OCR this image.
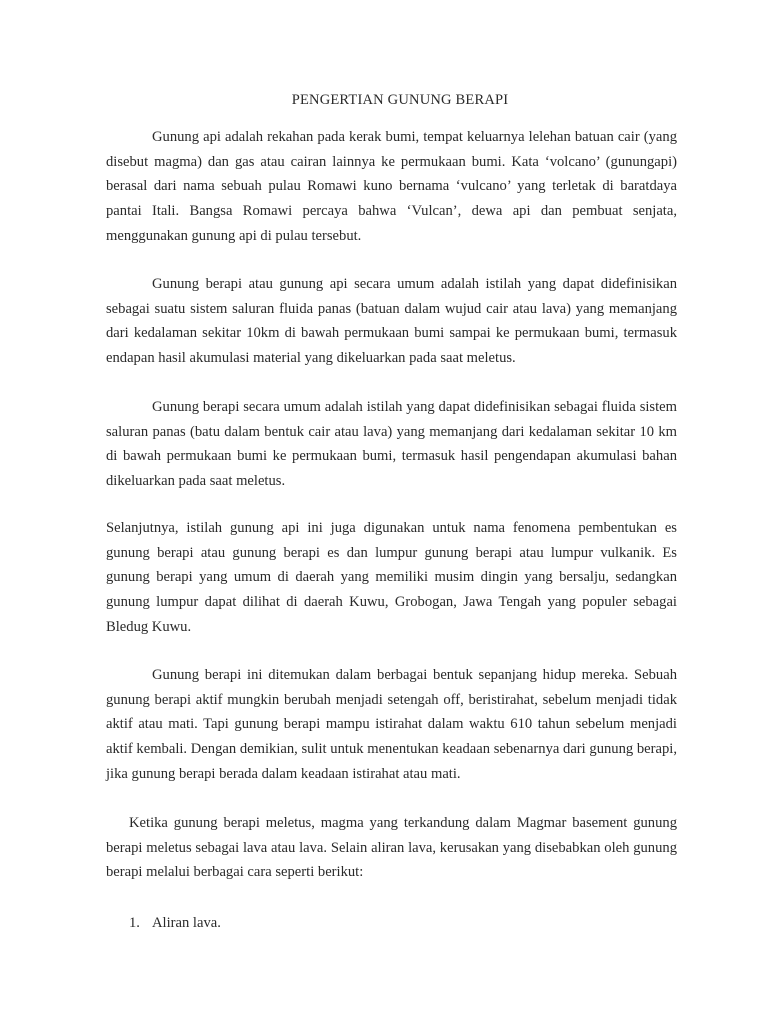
PENGERTIAN GUNUNG BERAPI

Gunung api adalah rekahan pada kerak bumi, tempat keluarnya lelehan batuan cair (yang disebut magma) dan gas atau cairan lainnya ke permukaan bumi. Kata ‘volcano’ (gunungapi) berasal dari nama sebuah pulau Romawi kuno bernama ‘vulcano’ yang terletak di baratdaya pantai Itali. Bangsa Romawi percaya bahwa ‘Vulcan’, dewa api dan pembuat senjata, menggunakan gunung api di pulau tersebut.

Gunung berapi atau gunung api secara umum adalah istilah yang dapat didefinisikan sebagai suatu sistem saluran fluida panas (batuan dalam wujud cair atau lava) yang memanjang dari kedalaman sekitar 10km di bawah permukaan bumi sampai ke permukaan bumi, termasuk endapan hasil akumulasi material yang dikeluarkan pada saat meletus.

Gunung berapi secara umum adalah istilah yang dapat didefinisikan sebagai fluida sistem saluran panas (batu dalam bentuk cair atau lava) yang memanjang dari kedalaman sekitar 10 km di bawah permukaan bumi ke permukaan bumi, termasuk hasil pengendapan akumulasi bahan dikeluarkan pada saat meletus.

Selanjutnya, istilah gunung api ini juga digunakan untuk nama fenomena pembentukan es gunung berapi atau gunung berapi es dan lumpur gunung berapi atau lumpur vulkanik. Es gunung berapi yang umum di daerah yang memiliki musim dingin yang bersalju, sedangkan gunung lumpur dapat dilihat di daerah Kuwu, Grobogan, Jawa Tengah yang populer sebagai Bledug Kuwu.

Gunung berapi ini ditemukan dalam berbagai bentuk sepanjang hidup mereka. Sebuah gunung berapi aktif mungkin berubah menjadi setengah off, beristirahat, sebelum menjadi tidak aktif atau mati. Tapi gunung berapi mampu istirahat dalam waktu 610 tahun sebelum menjadi aktif kembali. Dengan demikian, sulit untuk menentukan keadaan sebenarnya dari gunung berapi, jika gunung berapi berada dalam keadaan istirahat atau mati.

Ketika gunung berapi meletus, magma yang terkandung dalam Magmar basement gunung berapi meletus sebagai lava atau lava. Selain aliran lava, kerusakan yang disebabkan oleh gunung berapi melalui berbagai cara seperti berikut:

1. Aliran lava.
